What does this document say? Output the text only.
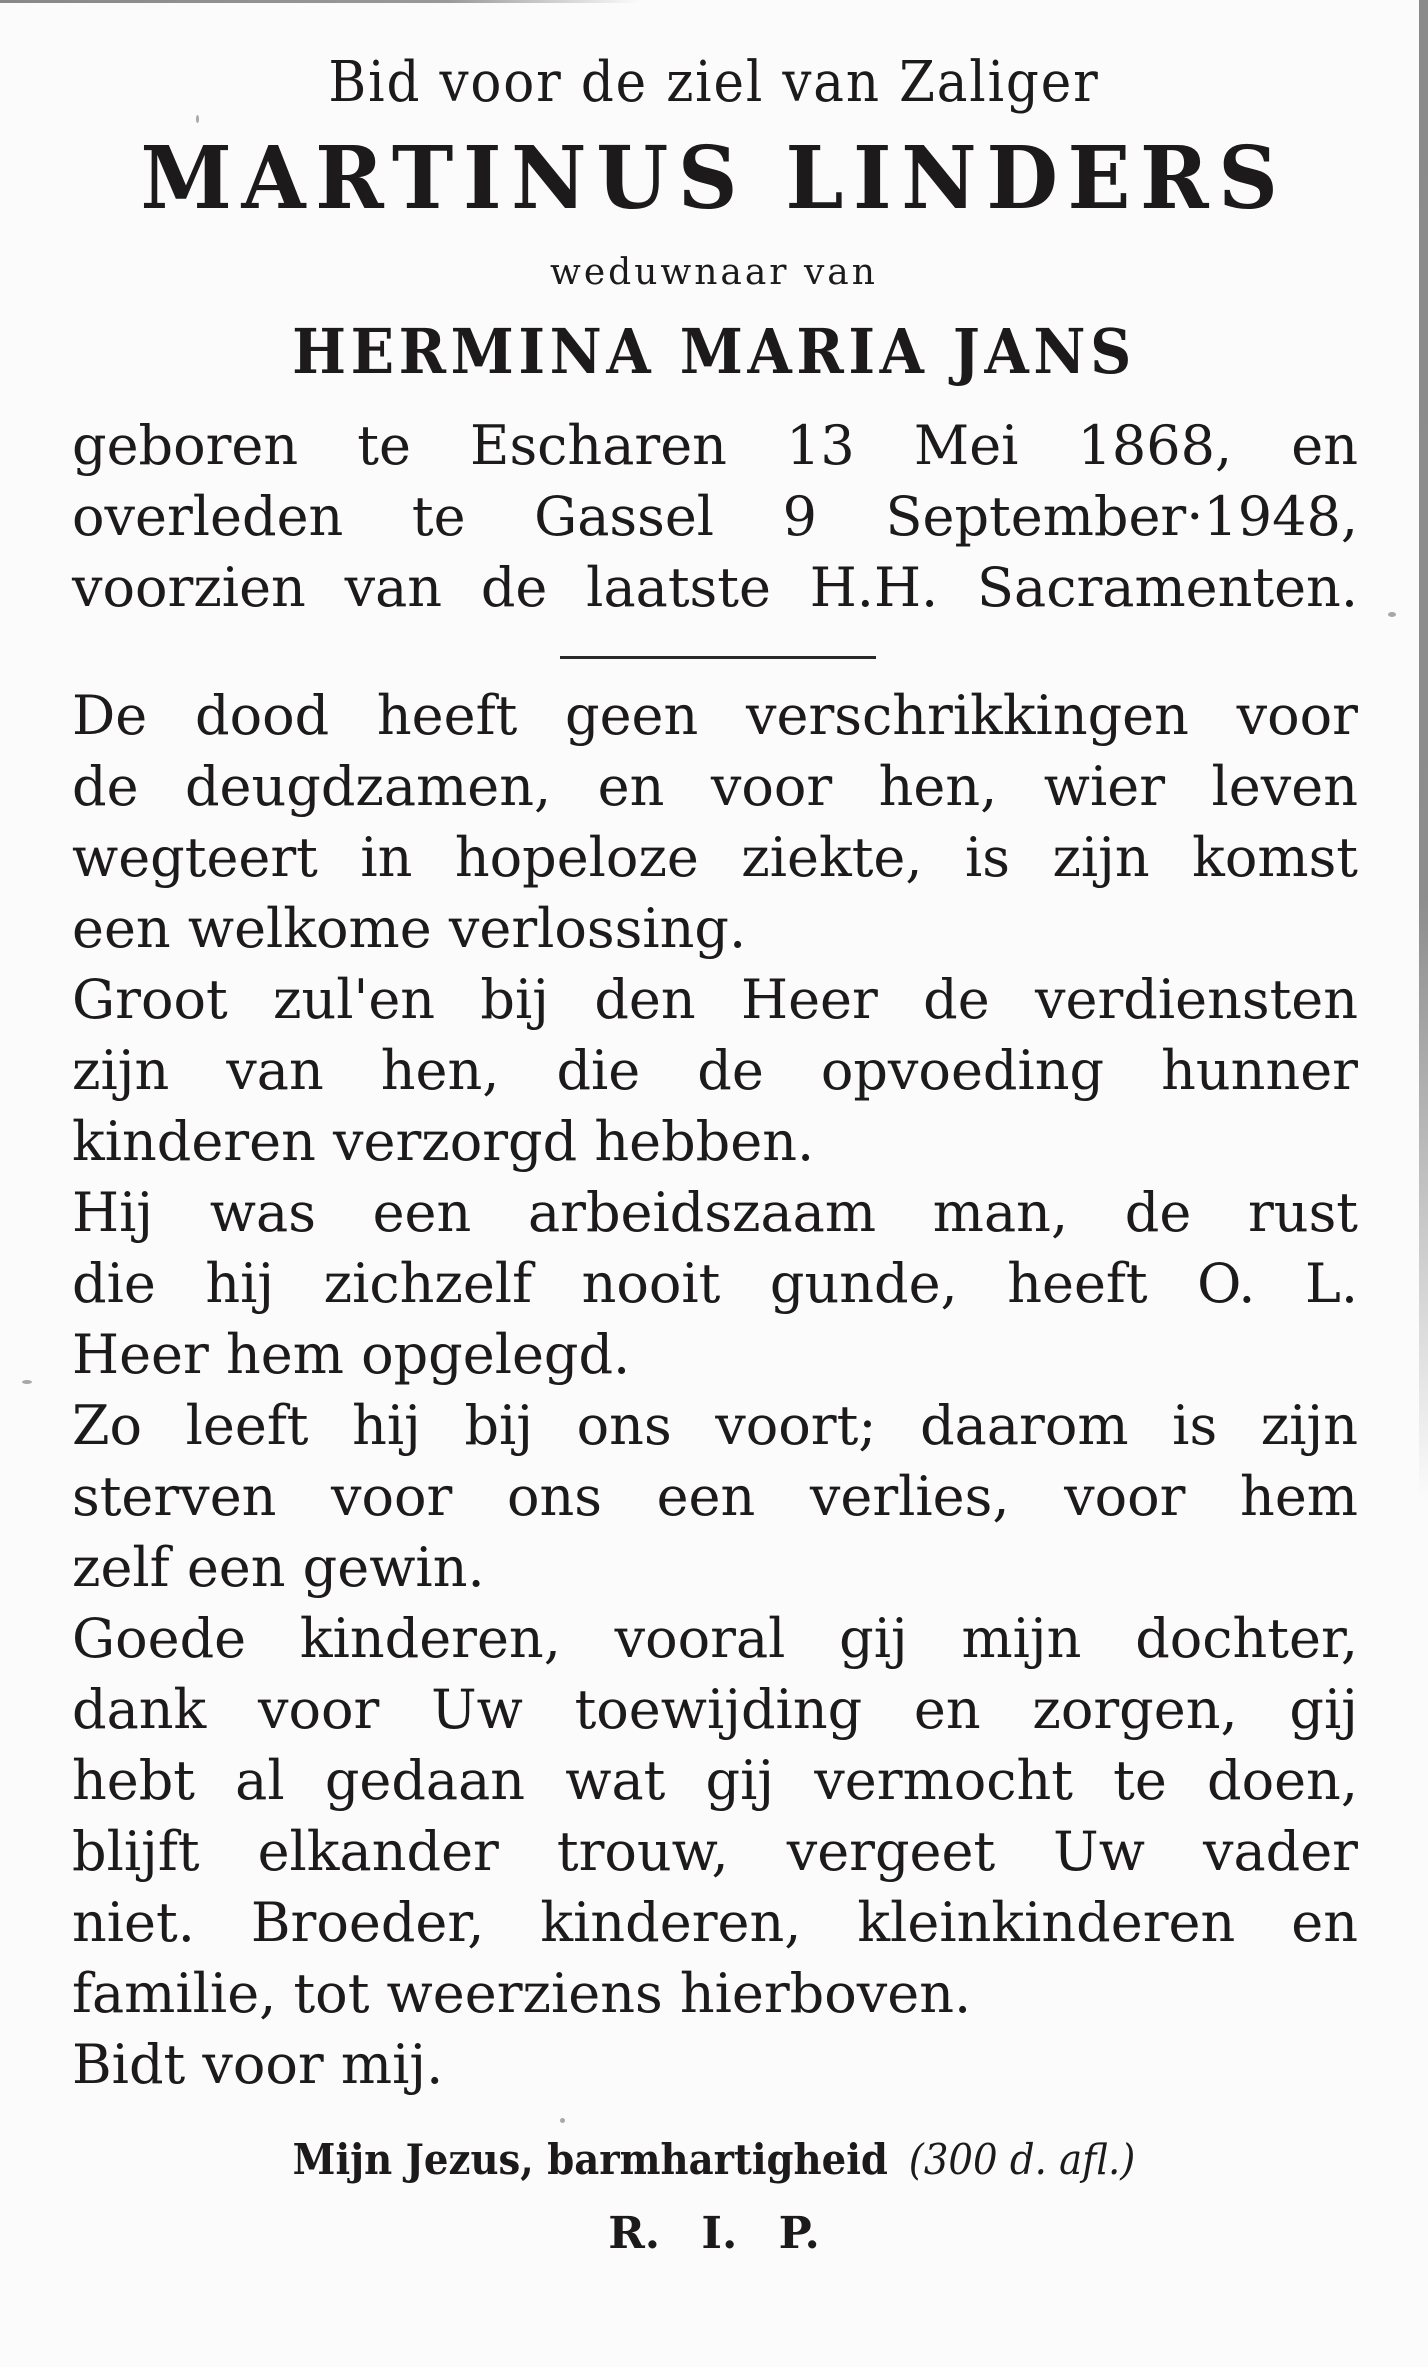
Bid voor de ziel van Zaliger
MARTINUS LINDERS
weduwnaar van
HERMINA MARIA JANS
geboren te Escharen 13 Mei 1868, en
overleden te Gassel 9 September·1948,
voorzien van de laatste H.H. Sacramenten.
De dood heeft geen verschrikkingen voor
de deugdzamen, en voor hen, wier leven
wegteert in hopeloze ziekte, is zijn komst
een welkome verlossing.
Groot zul'en bij den Heer de verdiensten
zijn van hen, die de opvoeding hunner
kinderen verzorgd hebben.
Hij was een arbeidszaam man, de rust
die hij zichzelf nooit gunde, heeft O. L.
Heer hem opgelegd.
Zo leeft hij bij ons voort; daarom is zijn
sterven voor ons een verlies, voor hem
zelf een gewin.
Goede kinderen, vooral gij mijn dochter,
dank voor Uw toewijding en zorgen, gij
hebt al gedaan wat gij vermocht te doen,
blijft elkander trouw, vergeet Uw vader
niet. Broeder, kinderen, kleinkinderen en
familie, tot weerziens hierboven.
Bidt voor mij.
Mijn Jezus, barmhartigheid (300 d. afl.)
R. I. P.
